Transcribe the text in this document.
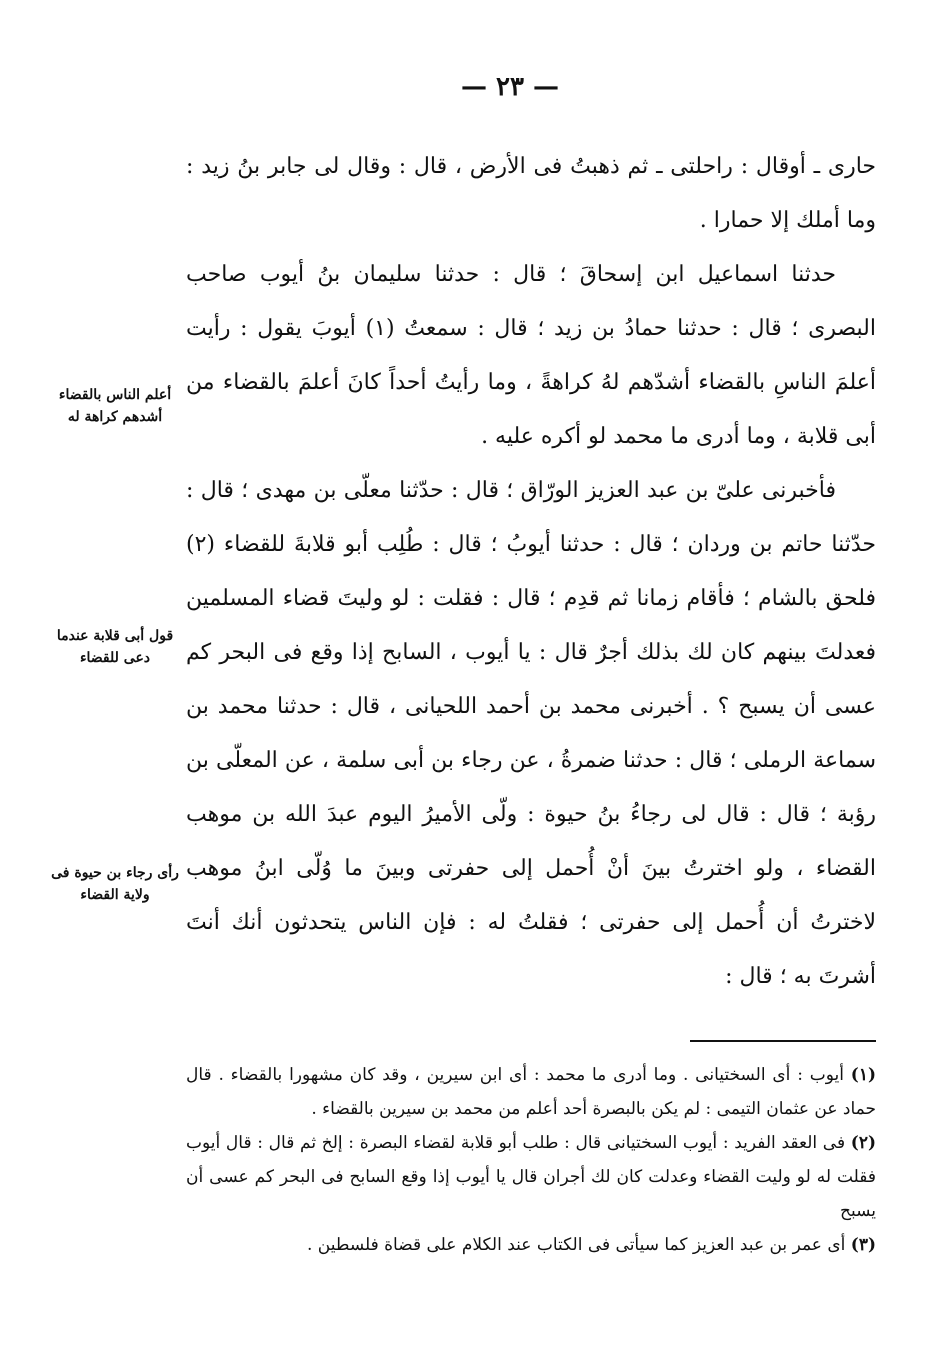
— ٢٣ —

حارى ـ أوقال : راحلتى ـ ثم ذهبتُ فى الأرض ، قال : وقال لى جابر بنُ زيد : وما أملك إلا حمارا .

حدثنا اسماعيل ابن إسحاقَ ؛ قال : حدثنا سليمان بنُ أيوب صاحب البصرى ؛ قال : حدثنا حمادُ بن زيد ؛ قال : سمعتُ (١) أيوبَ يقول : رأيت أعلمَ الناسِ بالقضاء أشدّهم لهُ كراهةً ، وما رأيتُ أحداً كانَ أعلمَ بالقضاء من أبى قلابة ، وما أدرى ما محمد لو أكره عليه .

فأخبرنى علىّ بن عبد العزيز الورّاق ؛ قال : حدّثنا معلّى بن مهدى ؛ قال : حدّثنا حاتم بن وردان ؛ قال : حدثنا أيوبُ ؛ قال : طُلِب أبو قلابةَ للقضاء (٢) فلحق بالشام ؛ فأقام زمانا ثم قدِم ؛ قال : فقلت : لو وليتَ قضاء المسلمين فعدلتَ بينهم كان لك بذلك أجرٌ قال : يا أيوب ، السابح إذا وقع فى البحر كم عسى أن يسبح ؟ . أخبرنى محمد بن أحمد اللحيانى ، قال : حدثنا محمد بن سماعة الرملى ؛ قال : حدثنا ضمرةُ ، عن رجاء بن أبى سلمة ، عن المعلّى بن رؤبة ؛ قال : قال لى رجاءُ بنُ حيوة : ولّى الأميرُ اليوم عبدَ الله بن موهب القضاء ، ولو اخترتُ بينَ أنْ أُحمل إلى حفرتى وبينَ ما وُلّى ابنُ موهب لاخترتُ أن أُحمل إلى حفرتى ؛ فقلتُ له : فإن الناس يتحدثون أنك أنتَ أشرتَ به ؛ قال :

أعلم الناس بالقضاء أشدهم كراهة له
قول أبى قلابة عندما دعى للقضاء
رأى رجاء بن حيوة فى ولاية القضاء

(١) أيوب : أى السختيانى . وما أدرى ما محمد : أى ابن سيرين ، وقد كان مشهورا بالقضاء . قال حماد عن عثمان التيمى : لم يكن بالبصرة أحد أعلم من محمد بن سيرين بالقضاء .

(٢) فى العقد الفريد : أيوب السختيانى قال : طلب أبو قلابة لقضاء البصرة : إلخ ثم قال : قال أيوب فقلت له لو وليت القضاء وعدلت كان لك أجران قال يا أيوب إذا وقع السابح فى البحر كم عسى أن يسبح

(٣) أى عمر بن عبد العزيز كما سيأتى فى الكتاب عند الكلام على قضاة فلسطين .
